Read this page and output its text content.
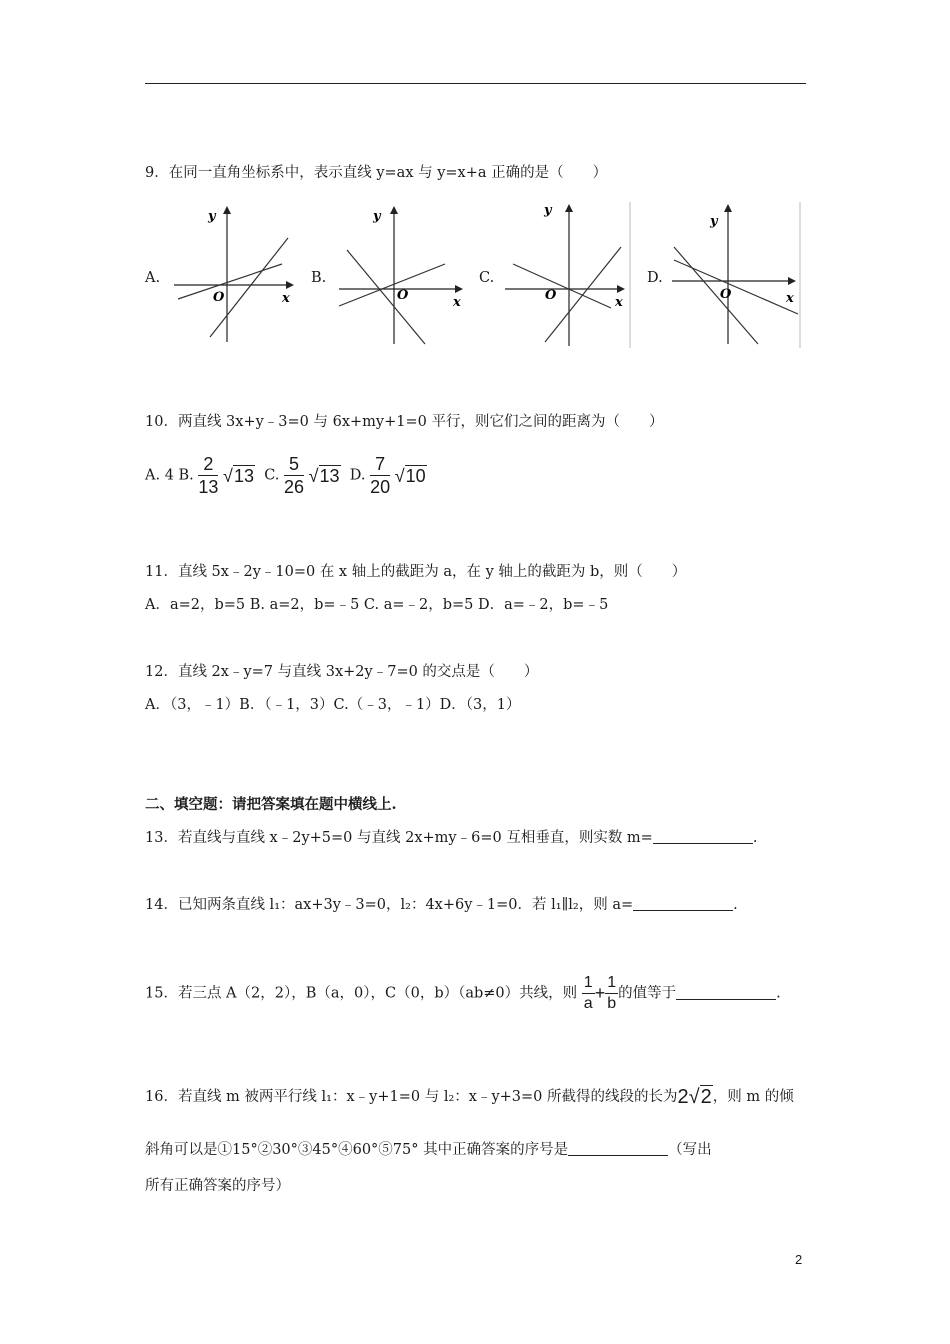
9．在同一直角坐标系中，表示直线 y=ax 与 y=x+a 正确的是（　　）
A.	B.	C.	D.
y
x
O
y
x
O
y
x
O
y
x
O
10．两直线 3x+y﹣3=0 与 6x+my+1=0 平行，则它们之间的距离为（　　）
A. 4 B. $\frac{2}{13} √13$ C. $\frac{5}{26} √13$ D. $\frac{7}{20} √10$
11．直线 5x﹣2y﹣10=0 在 x 轴上的截距为 a，在 y 轴上的截距为 b，则（　　）
A．a=2，b=5 B. a=2，b=﹣5 C. a=﹣2，b=5 D．a=﹣2，b=﹣5
12．直线 2x﹣y=7 与直线 3x+2y﹣7=0 的交点是（　　）
A．（3，﹣1）B．（﹣1，3）C.（﹣3，﹣1）D．（3，1）
二、填空题：请把答案填在题中横线上.
13．若直线与直线 x﹣2y+5=0 与直线 2x+my﹣6=0 互相垂直，则实数 m=	.
14．已知两条直线 l₁：ax+3y﹣3=0，l₂：4x+6y﹣1=0．若 l₁∥l₂，则 a=	.
15．若三点 A（2，2），B（a，0），C（0，b）（ab≠0）共线，则 $\frac{1}{a} + \frac{1}{b}$ 的值等于	.
16．若直线 m 被两平行线 l₁：x﹣y+1=0 与 l₂：x﹣y+3=0 所截得的线段的长为2√2，则 m 的倾
斜角可以是①15°②30°③45°④60°⑤75° 其中正确答案的序号是	（写出
所有正确答案的序号）
2
